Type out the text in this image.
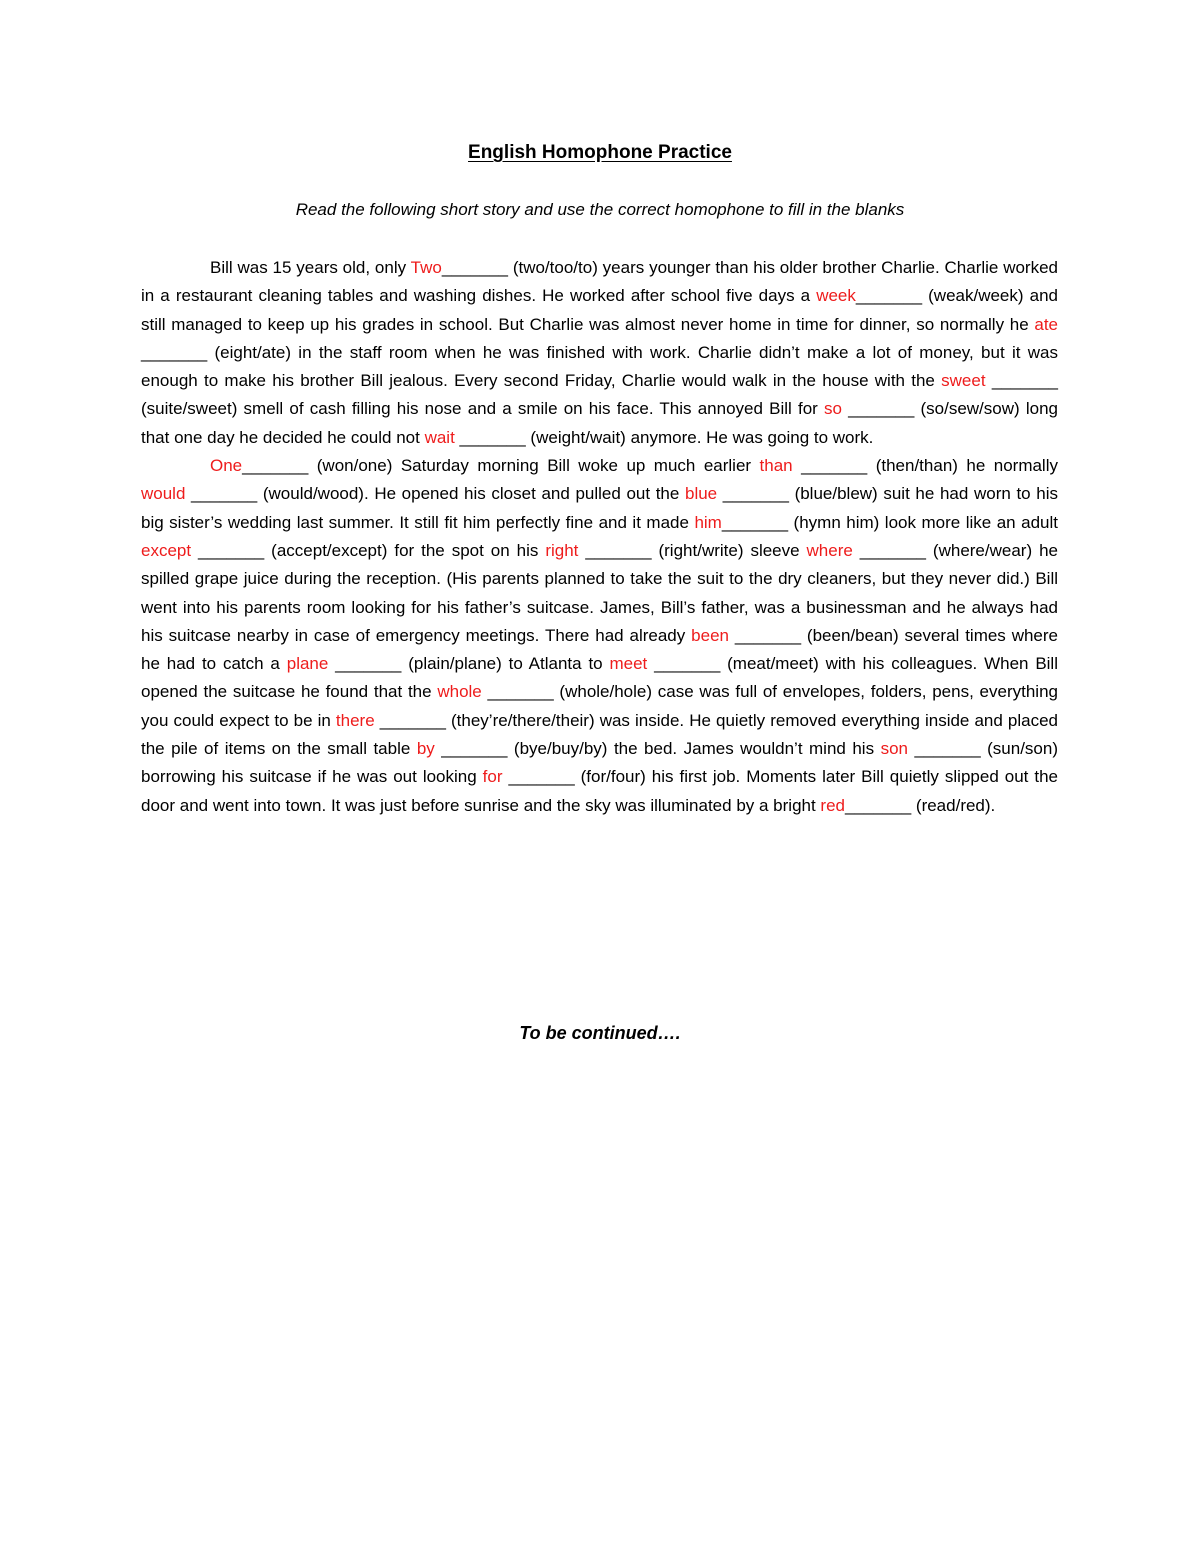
English Homophone Practice
Read the following short story and use the correct homophone to fill in the blanks

Bill was 15 years old, only Two_______ (two/too/to) years younger than his older brother Charlie. Charlie worked in a restaurant cleaning tables and washing dishes. He worked after school five days a week_______ (weak/week) and still managed to keep up his grades in school. But Charlie was almost never home in time for dinner, so normally he ate _______ (eight/ate) in the staff room when he was finished with work. Charlie didn’t make a lot of money, but it was enough to make his brother Bill jealous. Every second Friday, Charlie would walk in the house with the sweet _______ (suite/sweet) smell of cash filling his nose and a smile on his face. This annoyed Bill for so _______ (so/sew/sow) long that one day he decided he could not wait _______ (weight/wait) anymore. He was going to work.

One_______ (won/one) Saturday morning Bill woke up much earlier than _______ (then/than) he normally would _______ (would/wood). He opened his closet and pulled out the blue _______ (blue/blew) suit he had worn to his big sister’s wedding last summer. It still fit him perfectly fine and it made him_______ (hymn him) look more like an adult except _______ (accept/except) for the spot on his right _______ (right/write) sleeve where _______ (where/wear) he spilled grape juice during the reception. (His parents planned to take the suit to the dry cleaners, but they never did.) Bill went into his parents room looking for his father’s suitcase. James, Bill’s father, was a businessman and he always had his suitcase nearby in case of emergency meetings. There had already been _______ (been/bean) several times where he had to catch a plane _______ (plain/plane) to Atlanta to meet _______ (meat/meet) with his colleagues. When Bill opened the suitcase he found that the whole _______ (whole/hole) case was full of envelopes, folders, pens, everything you could expect to be in there _______ (they’re/there/their) was inside. He quietly removed everything inside and placed the pile of items on the small table by _______ (bye/buy/by) the bed. James wouldn’t mind his son _______ (sun/son) borrowing his suitcase if he was out looking for _______ (for/four) his first job. Moments later Bill quietly slipped out the door and went into town. It was just before sunrise and the sky was illuminated by a bright red_______ (read/red).

To be continued….
